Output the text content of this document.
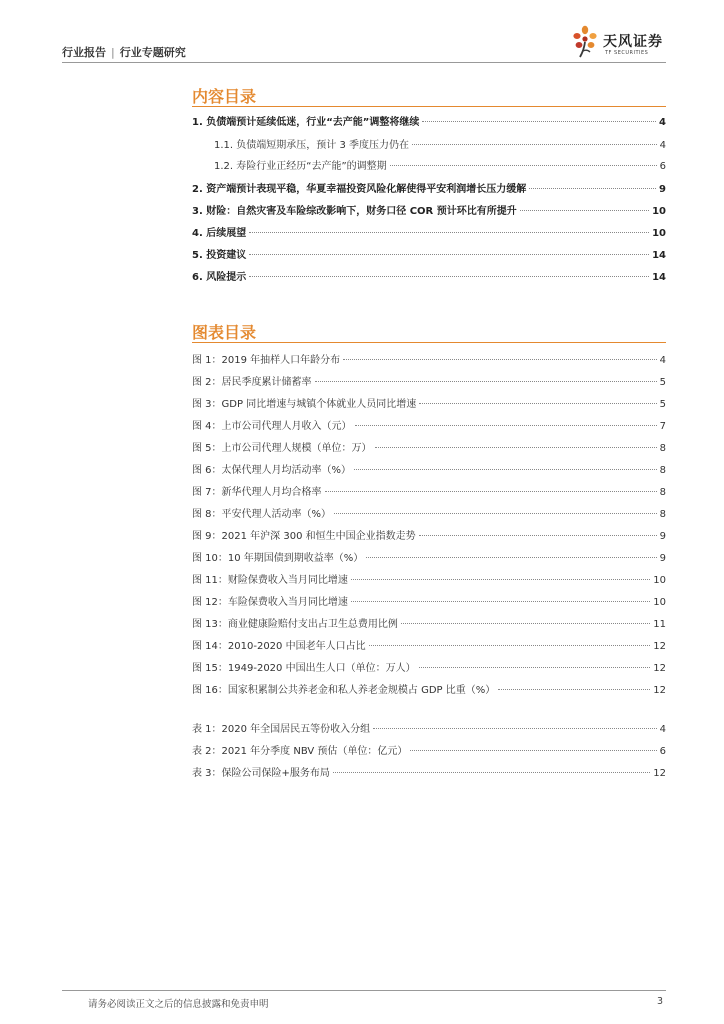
行业报告 | 行业专题研究
天风证券
TF SECURITIES
内容目录
1. 负债端预计延续低迷，行业“去产能”调整将继续	4
1.1. 负债端短期承压，预计 3 季度压力仍在	4
1.2. 寿险行业正经历“去产能”的调整期	6
2. 资产端预计表现平稳，华夏幸福投资风险化解使得平安利润增长压力缓解	9
3. 财险：自然灾害及车险综改影响下，财务口径 COR 预计环比有所提升	10
4. 后续展望	10
5. 投资建议	14
6. 风险提示	14
图表目录
图 1：2019 年抽样人口年龄分布	4
图 2：居民季度累计储蓄率	5
图 3：GDP 同比增速与城镇个体就业人员同比增速	5
图 4：上市公司代理人月收入（元）	7
图 5：上市公司代理人规模（单位：万）	8
图 6：太保代理人月均活动率（%）	8
图 7：新华代理人月均合格率	8
图 8：平安代理人活动率（%）	8
图 9：2021 年沪深 300 和恒生中国企业指数走势	9
图 10：10 年期国债到期收益率（%）	9
图 11：财险保费收入当月同比增速	10
图 12：车险保费收入当月同比增速	10
图 13：商业健康险赔付支出占卫生总费用比例	11
图 14：2010-2020 中国老年人口占比	12
图 15：1949-2020 中国出生人口（单位：万人）	12
图 16：国家积累制公共养老金和私人养老金规模占 GDP 比重（%）	12
表 1：2020 年全国居民五等份收入分组	4
表 2：2021 年分季度 NBV 预估（单位：亿元）	6
表 3：保险公司保险+服务布局	12
请务必阅读正文之后的信息披露和免责申明	3
